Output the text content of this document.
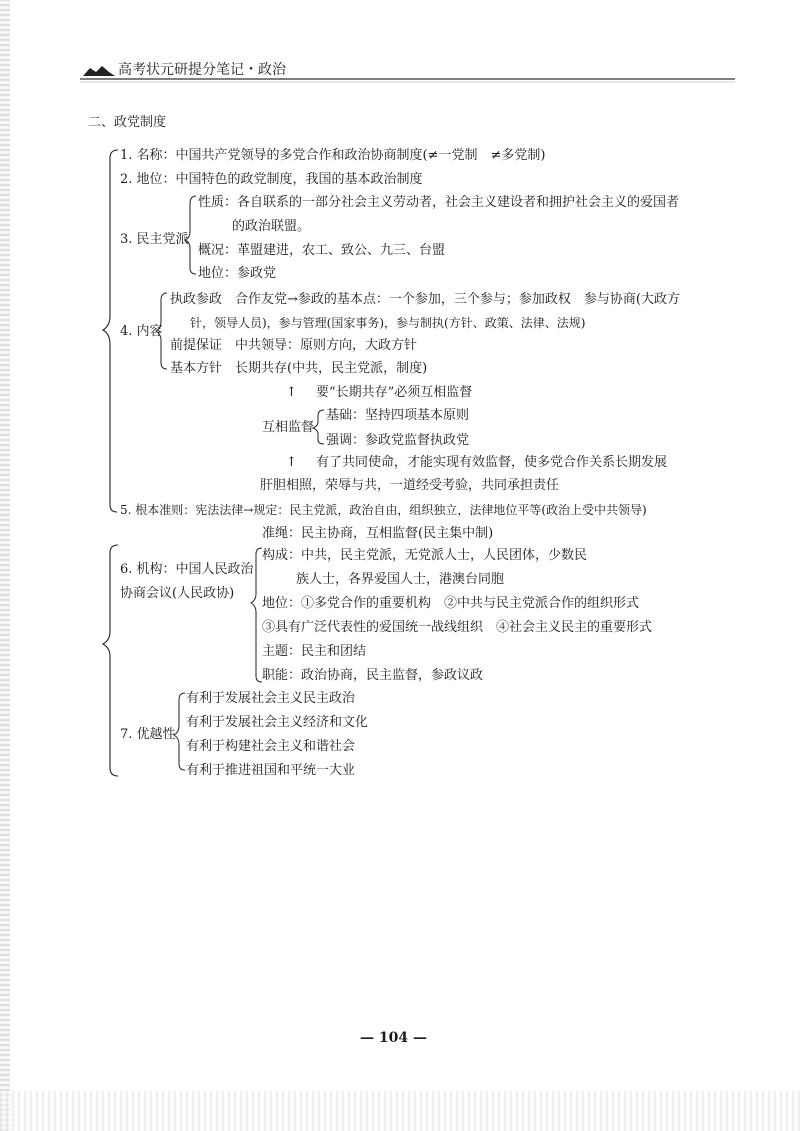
高考状元研提分笔记・政治
二、政党制度
1. 名称：中国共产党领导的多党合作和政治协商制度(≠一党制　≠多党制)
2. 地位：中国特色的政党制度，我国的基本政治制度
3. 民主党派
性质：各自联系的一部分社会主义劳动者，社会主义建设者和拥护社会主义的爱国者
的政治联盟。
概况：革盟建进，农工、致公、九三、台盟
地位：参政党
4. 内容
执政参政　合作友党→参政的基本点：一个参加，三个参与；参加政权　参与协商(大政方
针，领导人员)，参与管理(国家事务)，参与制执(方针、政策、法律、法规)
前提保证　中共领导：原则方向，大政方针
基本方针　长期共存(中共，民主党派，制度)
↑ 要“长期共存”必须互相监督
互相监督
基础：坚持四项基本原则
强调：参政党监督执政党
↑ 有了共同使命，才能实现有效监督，使多党合作关系长期发展
肝胆相照，荣辱与共，一道经受考验，共同承担责任
5. 根本准则：宪法法律→规定：民主党派，政治自由，组织独立，法律地位平等(政治上受中共领导)
准绳：民主协商，互相监督(民主集中制)
6. 机构：中国人民政治
协商会议(人民政协)
构成：中共，民主党派，无党派人士，人民团体，少数民
族人士，各界爱国人士，港澳台同胞
地位：①多党合作的重要机构　②中共与民主党派合作的组织形式
③具有广泛代表性的爱国统一战线组织　④社会主义民主的重要形式
主题：民主和团结
职能：政治协商，民主监督，参政议政
7. 优越性
有利于发展社会主义民主政治
有利于发展社会主义经济和文化
有利于构建社会主义和谐社会
有利于推进祖国和平统一大业
— 104 —
